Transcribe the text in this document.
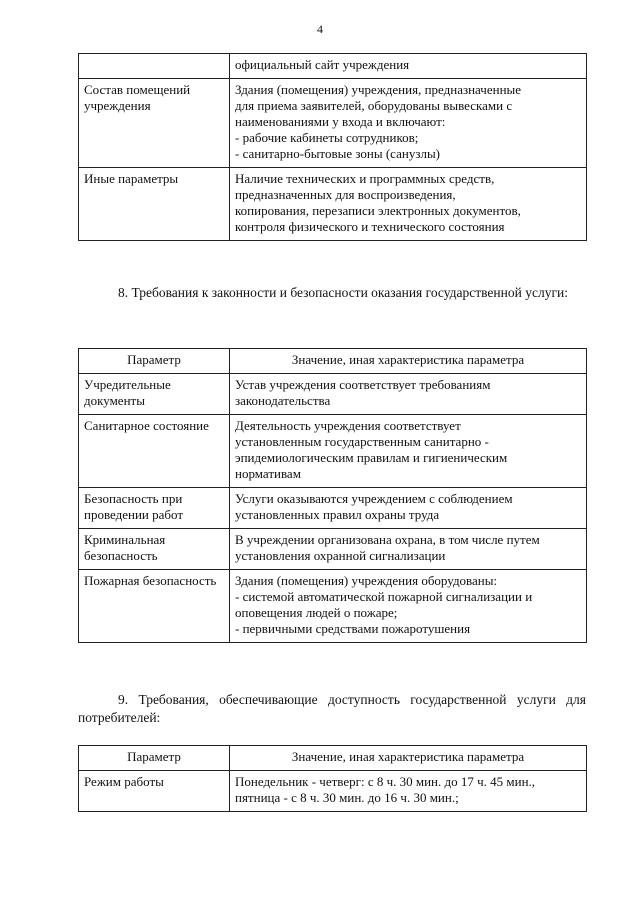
4

	официальный сайт учреждения

Состав помещений учреждения	Здания (помещения) учреждения, предназначенные
для приема заявителей, оборудованы вывесками с
наименованиями у входа и включают:
- рабочие кабинеты сотрудников;
- санитарно-бытовые зоны (санузлы)

Иные параметры	Наличие технических и программных средств,
предназначенных для воспроизведения,
копирования, перезаписи электронных документов,
контроля физического и технического состояния

8. Требования к законности и безопасности оказания государственной услуги:

Параметр	Значение, иная характеристика параметра
Учредительные документы	Устав учреждения соответствует требованиям
законодательства

Санитарное состояние	Деятельность учреждения соответствует
установленным государственным санитарно -
эпидемиологическим правилам и гигиеническим
нормативам

Безопасность при проведении работ	Услуги оказываются учреждением с соблюдением
установленных правил охраны труда

Криминальная безопасность	В учреждении организована охрана, в том числе путем
установления охранной сигнализации

Пожарная безопасность	Здания (помещения) учреждения оборудованы:
- системой автоматической пожарной сигнализации и
оповещения людей о пожаре;
- первичными средствами пожаротушения

9. Требования, обеспечивающие доступность государственной услуги для потребителей:

Параметр	Значение, иная характеристика параметра
Режим работы	Понедельник - четверг: с 8 ч. 30 мин. до 17 ч. 45 мин.,
пятница - с 8 ч. 30 мин. до 16 ч. 30 мин.;
